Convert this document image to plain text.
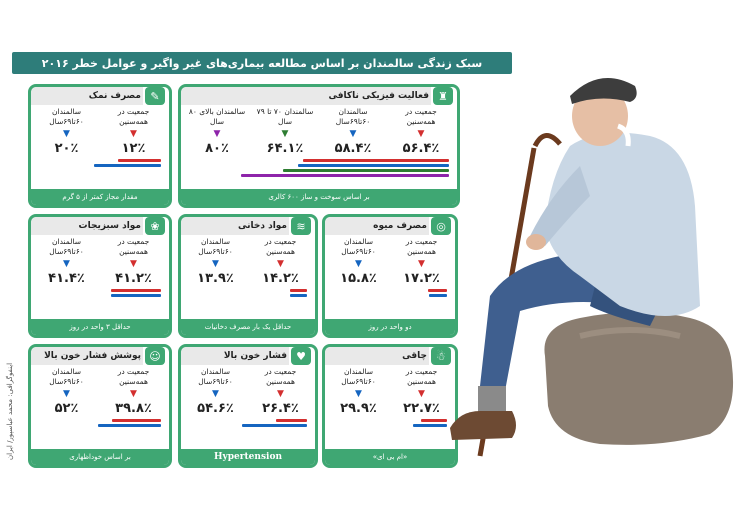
سبک زندگی سالمندان بر اساس مطالعه بیماری‌های غیر واگیر و عوامل خطر ۲۰۱۶
اینفوگرافی: محمد عباسپور/ ایران
✎
مصرف نمک
جمعیت در همه‌سنین
▼
۱۲٪
سالمندان ۶۰تا۶۹سال
▼
۲۰٪
مقدار مجاز کمتر از ۵ گرم
♜
فعالیت فیزیکی ناکافی
جمعیت در همه‌سنین
▼
۵۶.۴٪
سالمندان ۶۰تا۶۹سال
▼
۵۸.۴٪
سالمندان ۷۰ تا ۷۹ سال
▼
۶۴.۱٪
سالمندان بالای ۸۰ سال
▼
۸۰٪
بر اساس سوخت و ساز ۶۰۰ کالری
❀
مواد سبزیجات
جمعیت در همه‌سنین
▼
۴۱.۲٪
سالمندان ۶۰تا۶۹سال
▼
۴۱.۴٪
حداقل ۳ واحد در روز
≋
مواد دخانی
جمعیت در همه‌سنین
▼
۱۴.۲٪
سالمندان ۶۰تا۶۹سال
▼
۱۳.۹٪
حداقل یک بار مصرف دخانیات
◎
مصرف میوه
جمعیت در همه‌سنین
▼
۱۷.۲٪
سالمندان ۶۰تا۶۹سال
▼
۱۵.۸٪
دو واحد در روز
☺
پوشش فشار خون بالا
جمعیت در همه‌سنین
▼
۳۹.۸٪
سالمندان ۶۰تا۶۹سال
▼
۵۲٪
بر اساس خوداظهاری
♥
فشار خون بالا
جمعیت در همه‌سنین
▼
۲۶.۴٪
سالمندان ۶۰تا۶۹سال
▼
۵۴.۶٪
Hypertension
☃
چاقی
جمعیت در همه‌سنین
▼
۲۲.۷٪
سالمندان ۶۰تا۶۹سال
▼
۲۹.۹٪
«ام بی ای»
